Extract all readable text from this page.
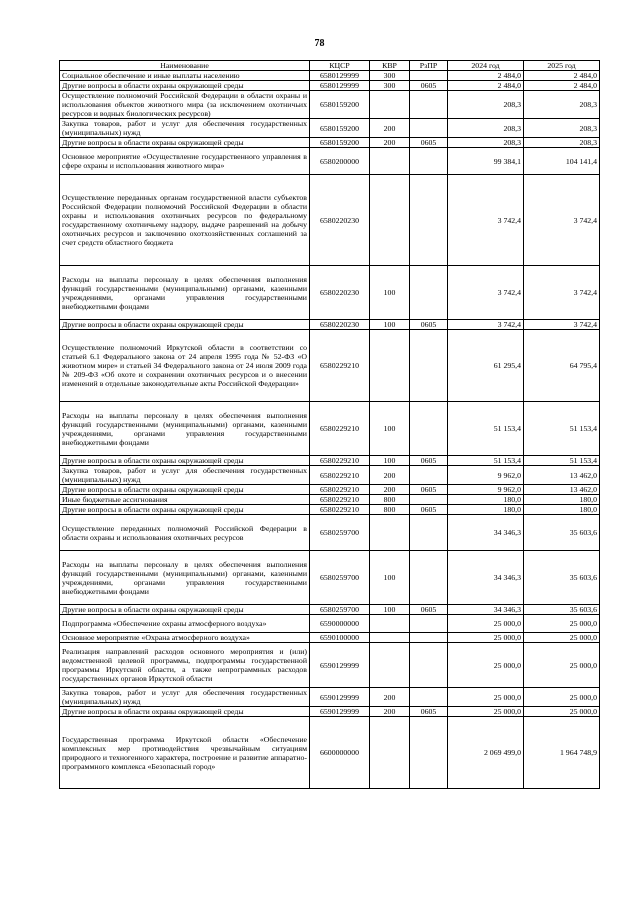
78
Наименование	КЦСР	КВР	РзПР	2024 год	2025 год
Социальное обеспечение и иные выплаты населению	6580129999	300		2 484,0	2 484,0
Другие вопросы в области охраны окружающей среды	6580129999	300	0605	2 484,0	2 484,0
Осуществление полномочий Российской Федерации в области охраны и использования объектов животного мира (за исключением охотничьих ресурсов и водных биологических ресурсов)	6580159200			208,3	208,3
Закупка товаров, работ и услуг для обеспечения государственных (муниципальных) нужд	6580159200	200		208,3	208,3
Другие вопросы в области охраны окружающей среды	6580159200	200	0605	208,3	208,3
Основное мероприятие «Осуществление государственного управления в сфере охраны и использования животного мира»	6580200000			99 384,1	104 141,4
Осуществление переданных органам государственной власти субъектов Российской Федерации полномочий Российской Федерации в области охраны и использования охотничьих ресурсов по федеральному государственному охотничьему надзору, выдаче разрешений на добычу охотничьих ресурсов и заключению охотхозяйственных соглашений за счет средств областного бюджета	6580220230			3 742,4	3 742,4
Расходы на выплаты персоналу в целях обеспечения выполнения функций государственными (муниципальными) органами, казенными учреждениями, органами управления государственными внебюджетными фондами	6580220230	100		3 742,4	3 742,4
Другие вопросы в области охраны окружающей среды	6580220230	100	0605	3 742,4	3 742,4
Осуществление полномочий Иркутской области в соответствии со статьей 6.1 Федерального закона от 24 апреля 1995 года № 52-ФЗ «О животном мире» и статьей 34 Федерального закона от 24 июля 2009 года № 209-ФЗ «Об охоте и сохранении охотничьих ресурсов и о внесении изменений в отдельные законодательные акты Российской Федерации»	6580229210			61 295,4	64 795,4
Расходы на выплаты персоналу в целях обеспечения выполнения функций государственными (муниципальными) органами, казенными учреждениями, органами управления государственными внебюджетными фондами	6580229210	100		51 153,4	51 153,4
Другие вопросы в области охраны окружающей среды	6580229210	100	0605	51 153,4	51 153,4
Закупка товаров, работ и услуг для обеспечения государственных (муниципальных) нужд	6580229210	200		9 962,0	13 462,0
Другие вопросы в области охраны окружающей среды	6580229210	200	0605	9 962,0	13 462,0
Иные бюджетные ассигнования	6580229210	800		180,0	180,0
Другие вопросы в области охраны окружающей среды	6580229210	800	0605	180,0	180,0
Осуществление переданных полномочий Российской Федерации в области охраны и использования охотничьих ресурсов	6580259700			34 346,3	35 603,6
Расходы на выплаты персоналу в целях обеспечения выполнения функций государственными (муниципальными) органами, казенными учреждениями, органами управления государственными внебюджетными фондами	6580259700	100		34 346,3	35 603,6
Другие вопросы в области охраны окружающей среды	6580259700	100	0605	34 346,3	35 603,6
Подпрограмма «Обеспечение охраны атмосферного воздуха»	6590000000			25 000,0	25 000,0
Основное мероприятие «Охрана атмосферного воздуха»	6590100000			25 000,0	25 000,0
Реализация направлений расходов основного мероприятия и (или) ведомственной целевой программы, подпрограммы государственной программы Иркутской области, а также непрограммных расходов государственных органов Иркутской области	6590129999			25 000,0	25 000,0
Закупка товаров, работ и услуг для обеспечения государственных (муниципальных) нужд	6590129999	200		25 000,0	25 000,0
Другие вопросы в области охраны окружающей среды	6590129999	200	0605	25 000,0	25 000,0
Государственная программа Иркутской области «Обеспечение комплексных мер противодействия чрезвычайным ситуациям природного и техногенного характера, построение и развитие аппаратно-программного комплекса «Безопасный город»	6600000000			2 069 499,0	1 964 748,9
